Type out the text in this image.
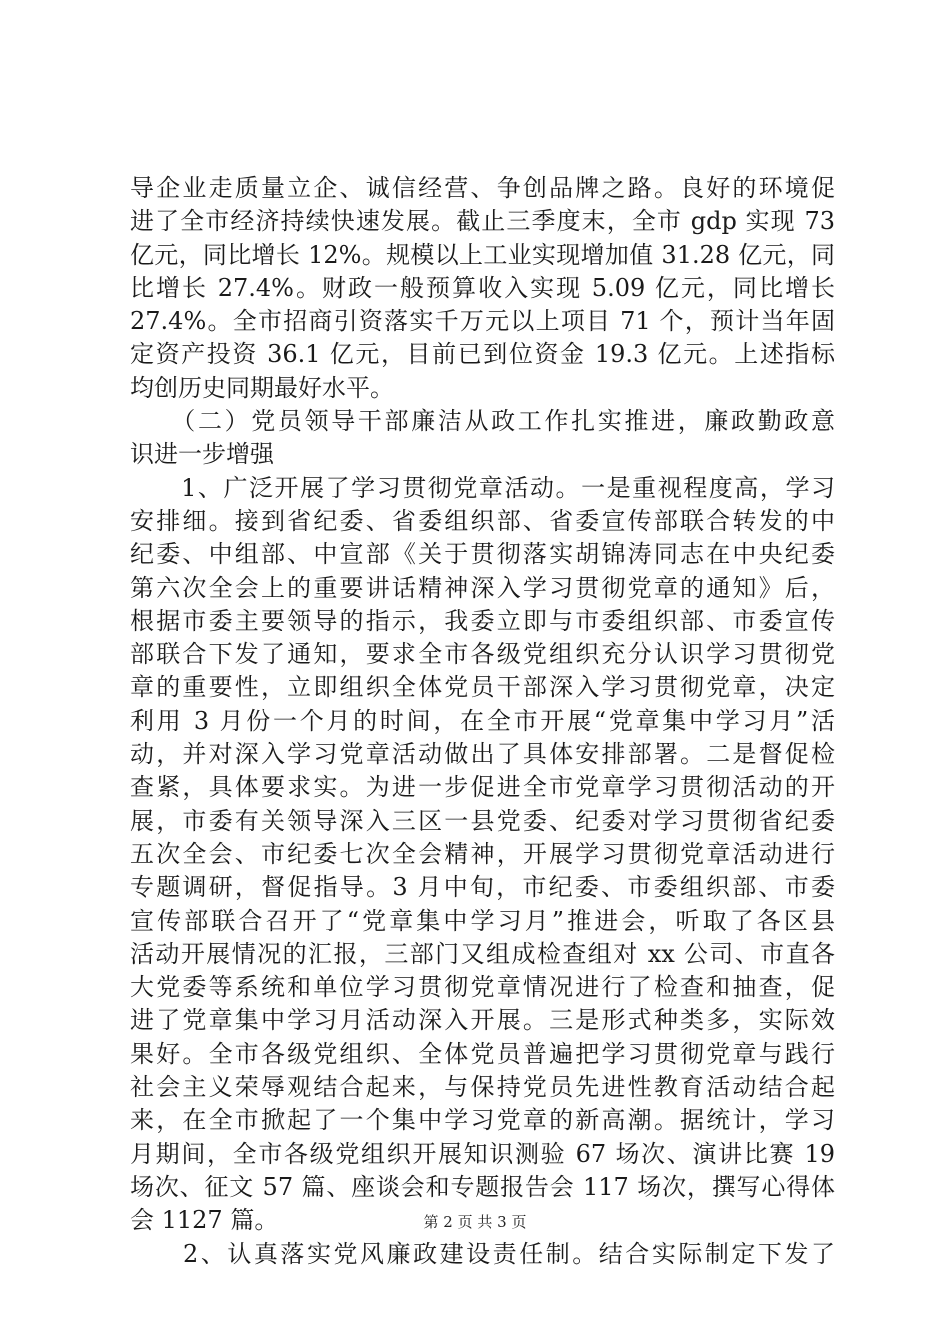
导企业走质量立企、诚信经营、争创品牌之路。良好的环境促
进了全市经济持续快速发展。截止三季度末，全市 gdp 实现 73
亿元，同比增长 12%。规模以上工业实现增加值 31.28 亿元，同
比增长 27.4%。财政一般预算收入实现 5.09 亿元，同比增长
27.4%。全市招商引资落实千万元以上项目 71 个，预计当年固
定资产投资 36.1 亿元，目前已到位资金 19.3 亿元。上述指标
均创历史同期最好水平。
　　（二）党员领导干部廉洁从政工作扎实推进，廉政勤政意
识进一步增强
　　1、广泛开展了学习贯彻党章活动。一是重视程度高，学习
安排细。接到省纪委、省委组织部、省委宣传部联合转发的中
纪委、中组部、中宣部《关于贯彻落实胡锦涛同志在中央纪委
第六次全会上的重要讲话精神深入学习贯彻党章的通知》后，
根据市委主要领导的指示，我委立即与市委组织部、市委宣传
部联合下发了通知，要求全市各级党组织充分认识学习贯彻党
章的重要性，立即组织全体党员干部深入学习贯彻党章，决定
利用 3 月份一个月的时间，在全市开展“党章集中学习月”活
动，并对深入学习党章活动做出了具体安排部署。二是督促检
查紧，具体要求实。为进一步促进全市党章学习贯彻活动的开
展，市委有关领导深入三区一县党委、纪委对学习贯彻省纪委
五次全会、市纪委七次全会精神，开展学习贯彻党章活动进行
专题调研，督促指导。3 月中旬，市纪委、市委组织部、市委
宣传部联合召开了“党章集中学习月”推进会，听取了各区县
活动开展情况的汇报，三部门又组成检查组对 xx 公司、市直各
大党委等系统和单位学习贯彻党章情况进行了检查和抽查，促
进了党章集中学习月活动深入开展。三是形式种类多，实际效
果好。全市各级党组织、全体党员普遍把学习贯彻党章与践行
社会主义荣辱观结合起来，与保持党员先进性教育活动结合起
来，在全市掀起了一个集中学习党章的新高潮。据统计，学习
月期间，全市各级党组织开展知识测验 67 场次、演讲比赛 19
场次、征文 57 篇、座谈会和专题报告会 117 场次，撰写心得体
会 1127 篇。
　　2、认真落实党风廉政建设责任制。结合实际制定下发了
第 2 页 共 3 页
